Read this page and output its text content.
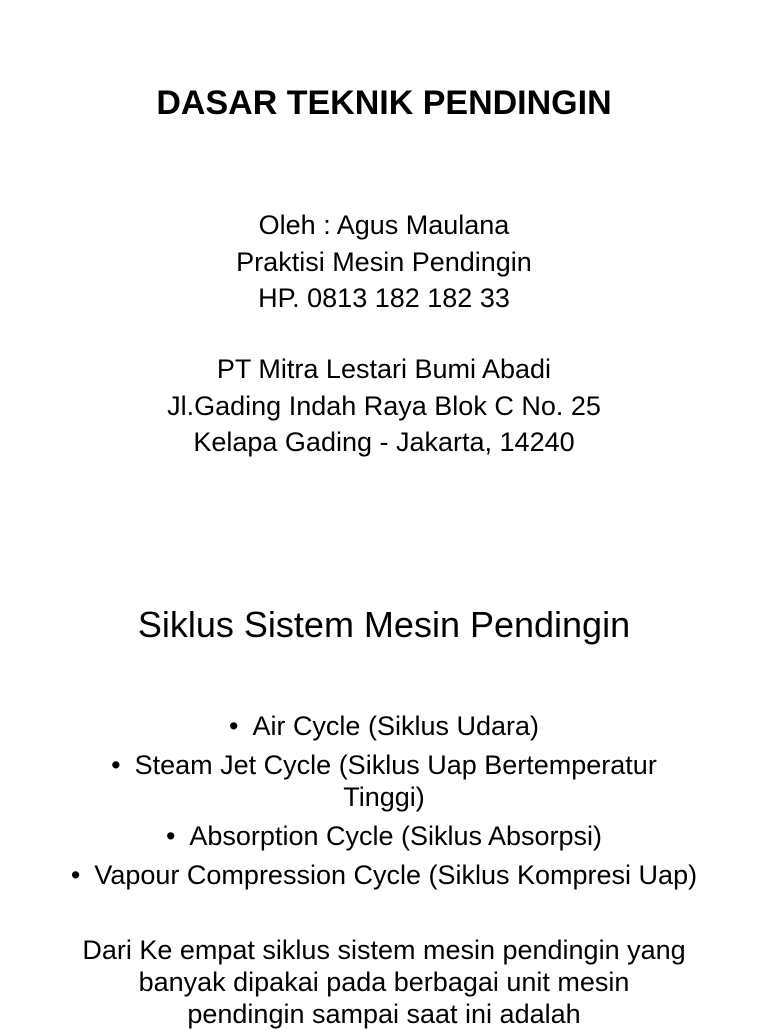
DASAR TEKNIK PENDINGIN
Oleh : Agus Maulana
Praktisi Mesin Pendingin
HP. 0813 182 182 33
PT Mitra Lestari Bumi Abadi
Jl.Gading Indah Raya Blok C No. 25
Kelapa Gading - Jakarta, 14240
Siklus Sistem Mesin Pendingin
• Air Cycle (Siklus Udara)
• Steam Jet Cycle (Siklus Uap Bertemperatur Tinggi)
• Absorption Cycle (Siklus Absorpsi)
• Vapour Compression Cycle (Siklus Kompresi Uap)
Dari Ke empat siklus sistem mesin pendingin yang
banyak dipakai pada berbagai unit mesin pendingin sampai saat ini adalah
